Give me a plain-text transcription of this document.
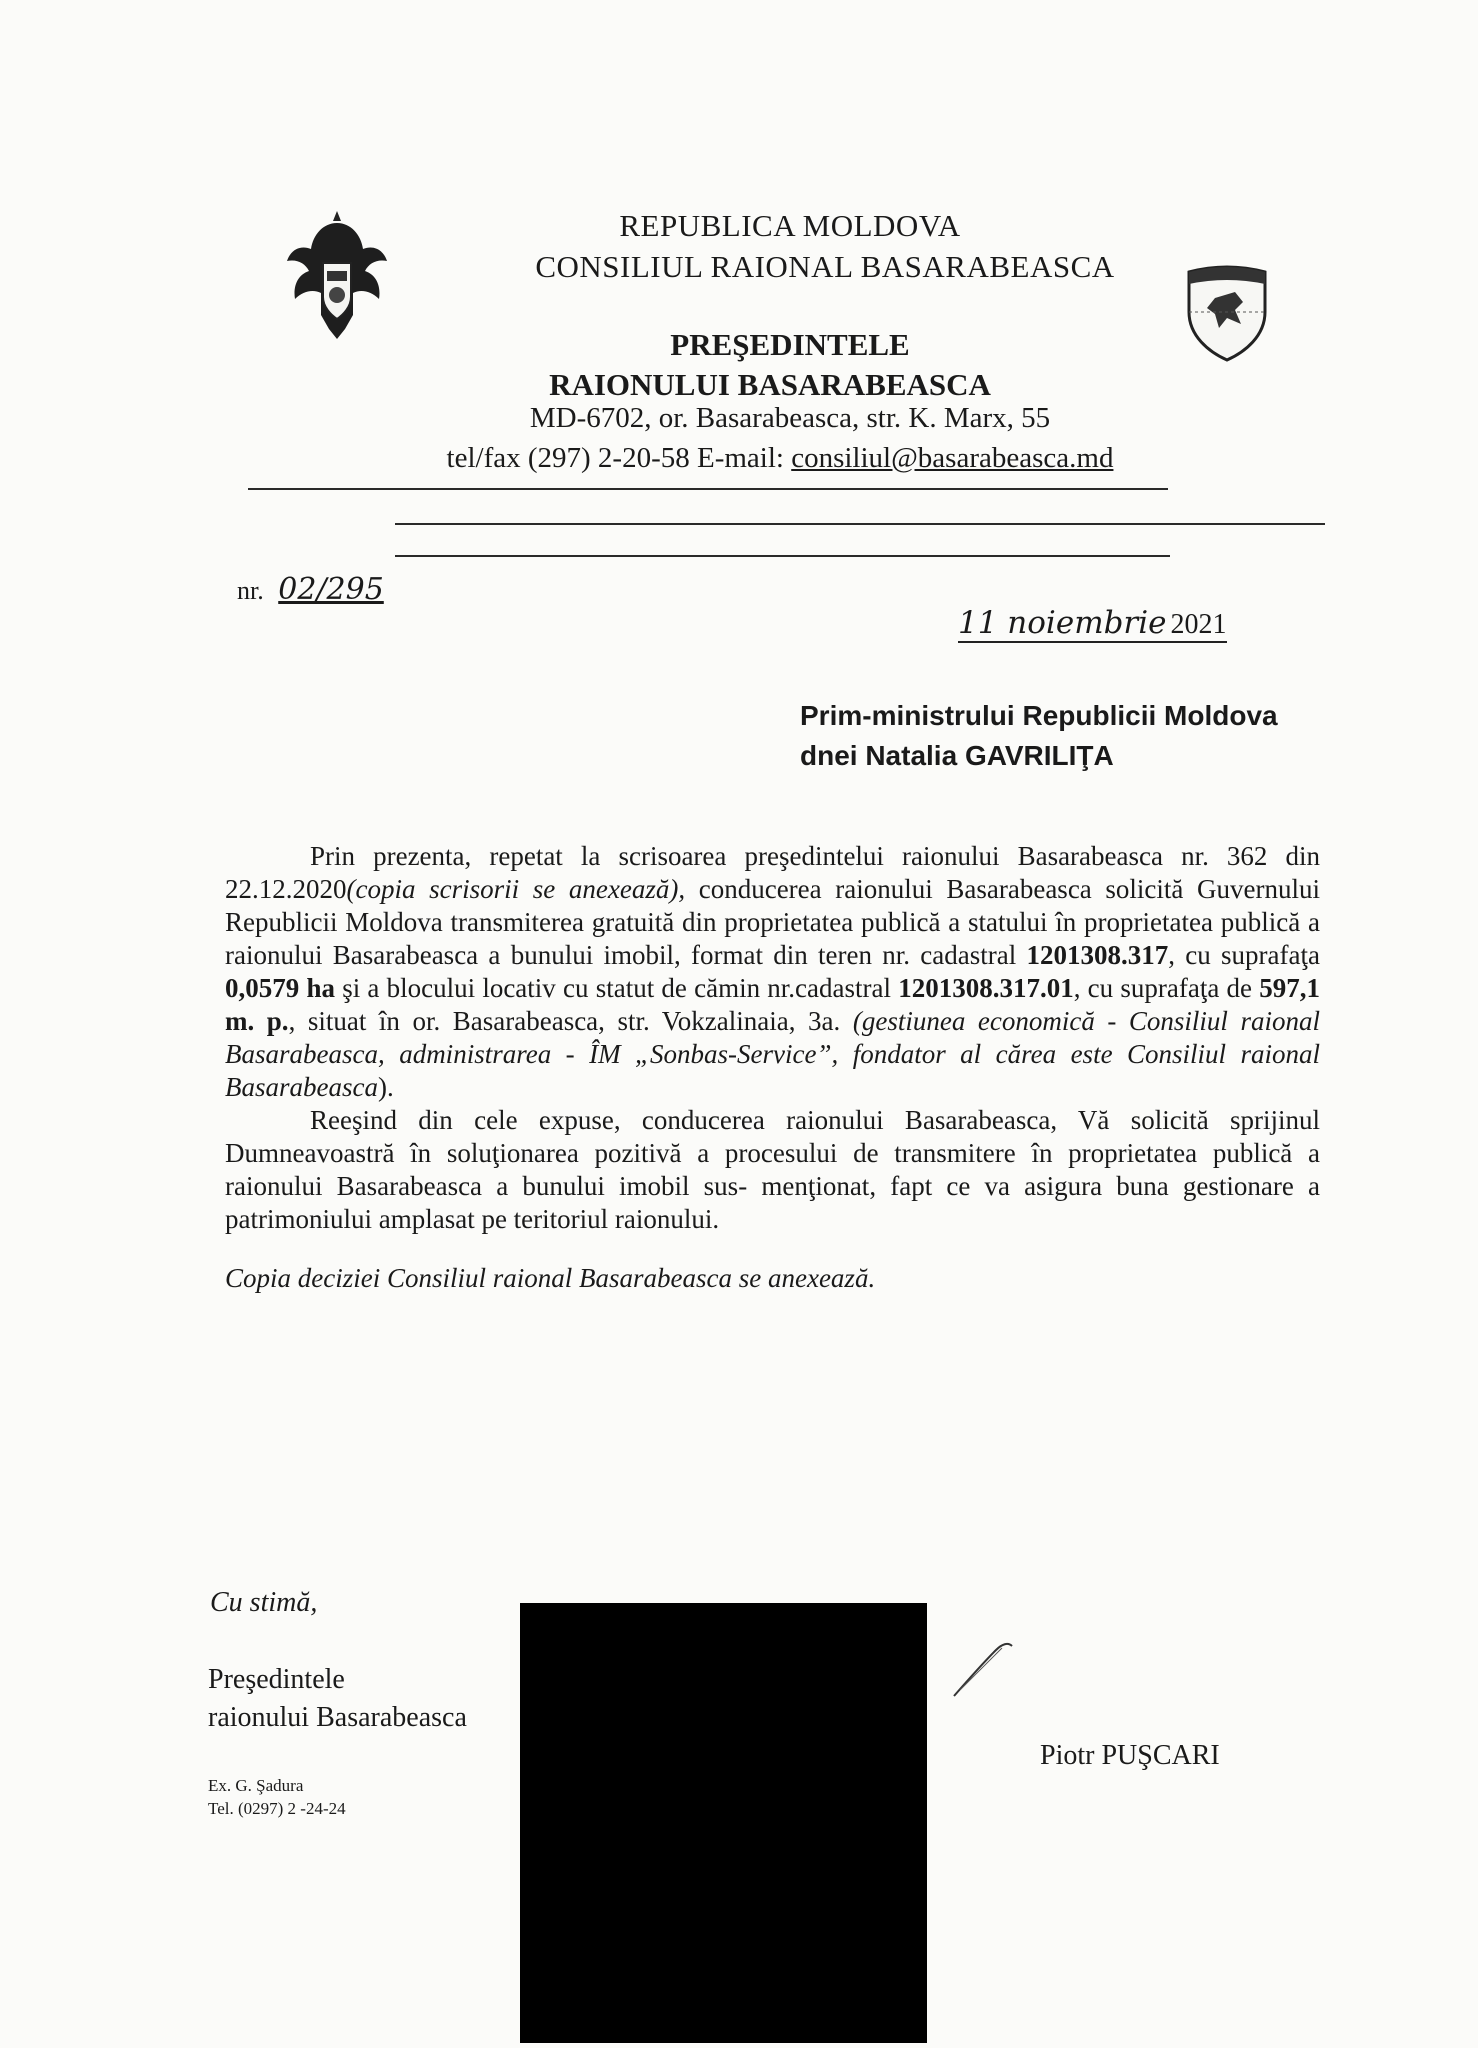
REPUBLICA MOLDOVA
CONSILIUL RAIONAL BASARABEASCA
PREŞEDINTELE
RAIONULUI BASARABEASCA
MD-6702, or. Basarabeasca, str. K. Marx, 55
tel/fax (297) 2-20-58 E-mail: consiliul@basarabeasca.md
nr. 02/295
11 noiembrie 2021
Prim-ministrului Republicii Moldova
dnei Natalia GAVRILIŢA

Prin prezenta, repetat la scrisoarea preşedintelui raionului Basarabeasca nr. 362 din 22.12.2020(copia scrisorii se anexează), conducerea raionului Basarabeasca solicită Guvernului Republicii Moldova transmiterea gratuită din proprietatea publică a statului în proprietatea publică a raionului Basarabeasca a bunului imobil, format din teren nr. cadastral 1201308.317, cu suprafaţa 0,0579 ha şi a blocului locativ cu statut de cămin nr.cadastral 1201308.317.01, cu suprafaţa de 597,1 m. p., situat în or. Basarabeasca, str. Vokzalinaia, 3a. (gestiunea economică - Consiliul raional Basarabeasca, administrarea - ÎM „Sonbas-Service”, fondator al cărea este Consiliul raional Basarabeasca).

Reeşind din cele expuse, conducerea raionului Basarabeasca, Vă solicită sprijinul Dumneavoastră în soluţionarea pozitivă a procesului de transmitere în proprietatea publică a raionului Basarabeasca a bunului imobil sus- menţionat, fapt ce va asigura buna gestionare a patrimoniului amplasat pe teritoriul raionului.

Copia deciziei Consiliul raional Basarabeasca se anexează.

Cu stimă,
Preşedintele
raionului Basarabeasca
Piotr PUŞCARI
Ex. G. Şadura
Tel. (0297) 2 -24-24
